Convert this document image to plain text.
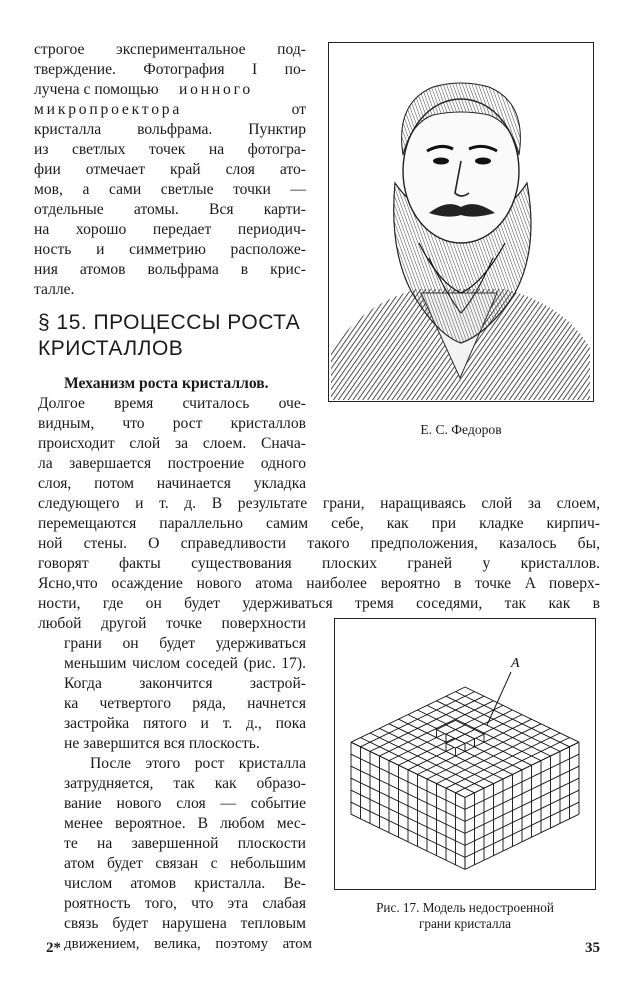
строгое экспериментальное под-
тверждение. Фотография I по-
лучена с помощью ионного
микропроектора	от
кристалла вольфрама. Пунктир
из светлых точек на фотогра-
фии отмечает край слоя ато-
мов, а сами светлые точки —
отдельные атомы. Вся карти-
на хорошо передает периодич-
ность и симметрию расположе-
ния атомов вольфрама в крис-
талле.
§ 15. ПРОЦЕССЫ РОСТА
КРИСТАЛЛОВ
Е. С. Федоров
Механизм роста кристаллов.
Долгое время считалось оче-
видным, что рост кристаллов
происходит слой за слоем. Снача-
ла завершается построение одного
слоя, потом начинается укладка
следующего и т. д. В результате грани, наращиваясь слой за слоем,
перемещаются параллельно самим себе, как при кладке кирпич-
ной стены. О справедливости такого предположения, казалось бы,
говорят факты существования плоских граней у кристаллов.
Ясно,что осаждение нового атома наиболее вероятно в точке A поверх-
ности, где он будет удерживаться тремя соседями, так как в
любой другой точке поверхности
грани он будет удерживаться
меньшим числом соседей (рис. 17).
Когда закончится застрой-
ка четвертого ряда, начнется
застройка пятого и т. д., пока
не завершится вся плоскость.
После этого рост кристалла
затрудняется, так как образо-
вание нового слоя — событие
менее вероятное. В любом мес-
те на завершенной плоскости
атом будет связан с небольшим
числом атомов кристалла. Ве-
роятность того, что эта слабая
связь будет нарушена тепловым
движением, велика, поэтому атом
A
Рис. 17. Модель недостроенной
грани кристалла
2*	35
